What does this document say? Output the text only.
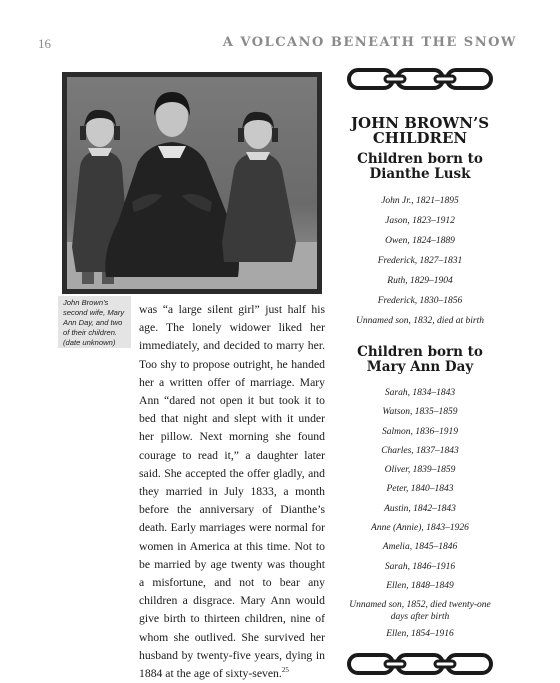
16	A VOLCANO BENEATH THE SNOW
John Brown's second wife, Mary Ann Day, and two of their children. (date unknown)
was “a large silent girl” just half his age. The lonely widower liked her immediately, and decided to marry her. Too shy to propose outright, he handed her a written offer of marriage. Mary Ann “dared not open it but took it to bed that night and slept with it under her pillow. Next morning she found courage to read it,” a daughter later said. She accepted the offer gladly, and they married in July 1833, a month before the anniversary of Dianthe’s death. Early marriages were normal for women in America at this time. Not to be married by age twenty was thought a misfortune, and not to bear any children a disgrace. Mary Ann would give birth to thirteen children, nine of whom she outlived. She survived her husband by twenty-five years, dying in 1884 at the age of sixty-seven.$^{25}$
JOHN BROWN’S CHILDREN
Children born to Dianthe Lusk
John Jr., 1821–1895
Jason, 1823–1912
Owen, 1824–1889
Frederick, 1827–1831
Ruth, 1829–1904
Frederick, 1830–1856
Unnamed son, 1832, died at birth
Children born to Mary Ann Day
Sarah, 1834–1843
Watson, 1835–1859
Salmon, 1836–1919
Charles, 1837–1843
Oliver, 1839–1859
Peter, 1840–1843
Austin, 1842–1843
Anne (Annie), 1843–1926
Amelia, 1845–1846
Sarah, 1846–1916
Ellen, 1848–1849
Unnamed son, 1852, died twenty-one days after birth
Ellen, 1854–1916
